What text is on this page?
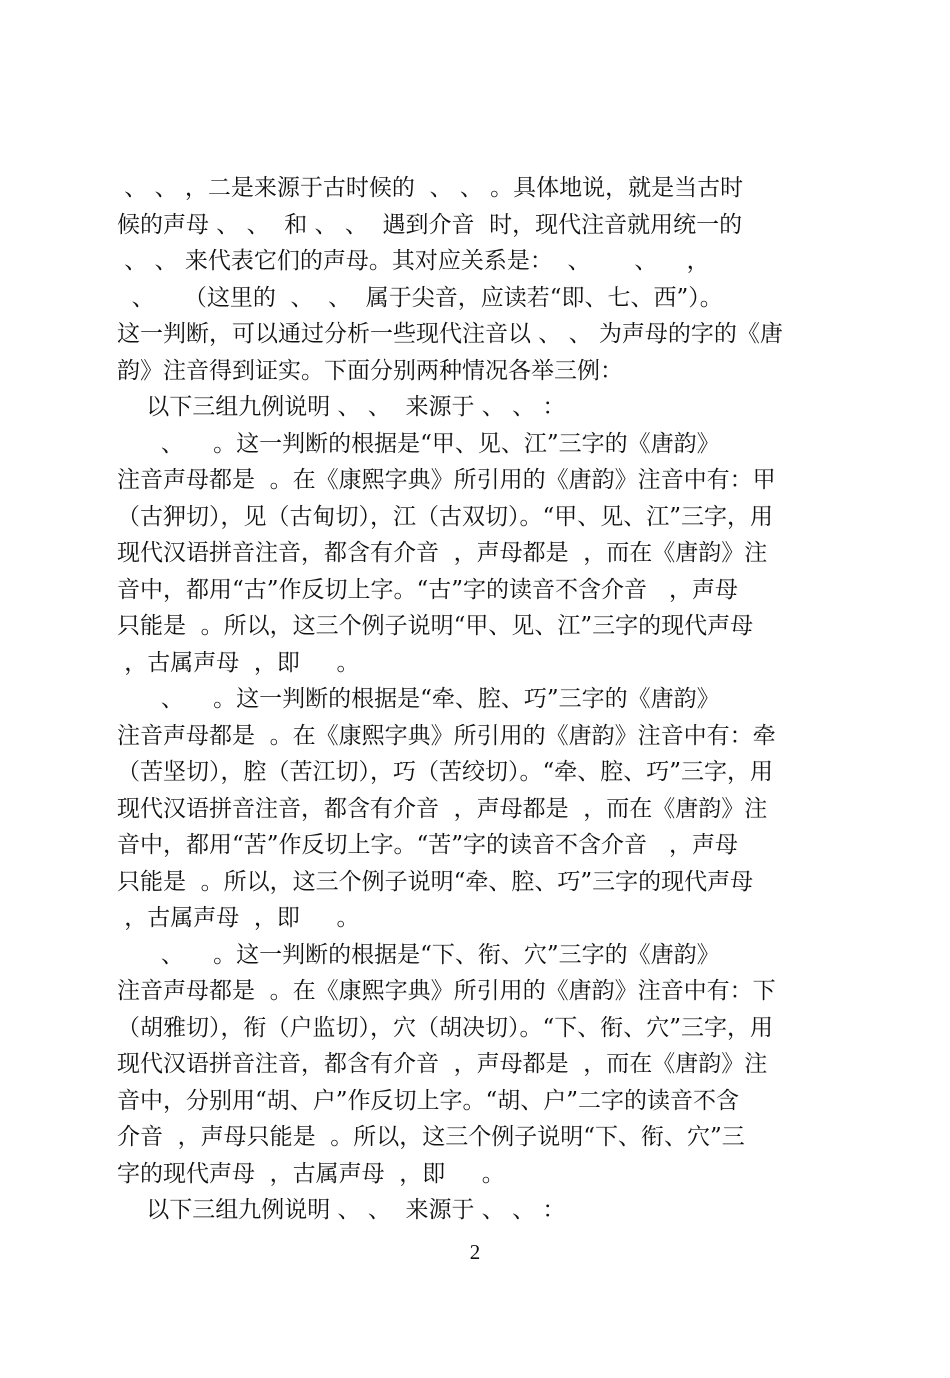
、 、 ，二是来源于古时候的  、 、 。具体地说，就是当古时
候的声母 、 、  和 、 、  遇到介音  时，现代注音就用统一的
、 、 来代表它们的声母。其对应关系是：  、      、    ，
、    （这里的  、  、  属于尖音，应读若“即、七、西”）。
这一判断，可以通过分析一些现代注音以 、 、 为声母的字的《唐
韵》注音得到证实。下面分别两种情况各举三例：
以下三组九例说明 、 、  来源于 、 、 ：
、    。这一判断的根据是“甲、见、江”三字的《唐韵》
注音声母都是  。在《康熙字典》所引用的《唐韵》注音中有：甲
（古狎切），见（古甸切），江（古双切）。“甲、见、江”三字，用
现代汉语拼音注音，都含有介音  ，声母都是  ，而在《唐韵》注
音中，都用“古”作反切上字。“古”字的读音不含介音   ，声母
只能是  。所以，这三个例子说明“甲、见、江”三字的现代声母
，古属声母  ，即     。
、    。这一判断的根据是“牵、腔、巧”三字的《唐韵》
注音声母都是  。在《康熙字典》所引用的《唐韵》注音中有：牵
（苦坚切），腔（苦江切），巧（苦绞切）。“牵、腔、巧”三字，用
现代汉语拼音注音，都含有介音  ，声母都是  ，而在《唐韵》注
音中，都用“苦”作反切上字。“苦”字的读音不含介音   ，声母
只能是  。所以，这三个例子说明“牵、腔、巧”三字的现代声母
，古属声母  ，即     。
、    。这一判断的根据是“下、衔、穴”三字的《唐韵》
注音声母都是  。在《康熙字典》所引用的《唐韵》注音中有：下
（胡雅切），衔（户监切），穴（胡决切）。“下、衔、穴”三字，用
现代汉语拼音注音，都含有介音  ，声母都是  ，而在《唐韵》注
音中，分别用“胡、户”作反切上字。“胡、户”二字的读音不含
介音  ，声母只能是  。所以，这三个例子说明“下、衔、穴”三
字的现代声母  ，古属声母  ，即     。
以下三组九例说明 、 、  来源于 、 、 ：
2
